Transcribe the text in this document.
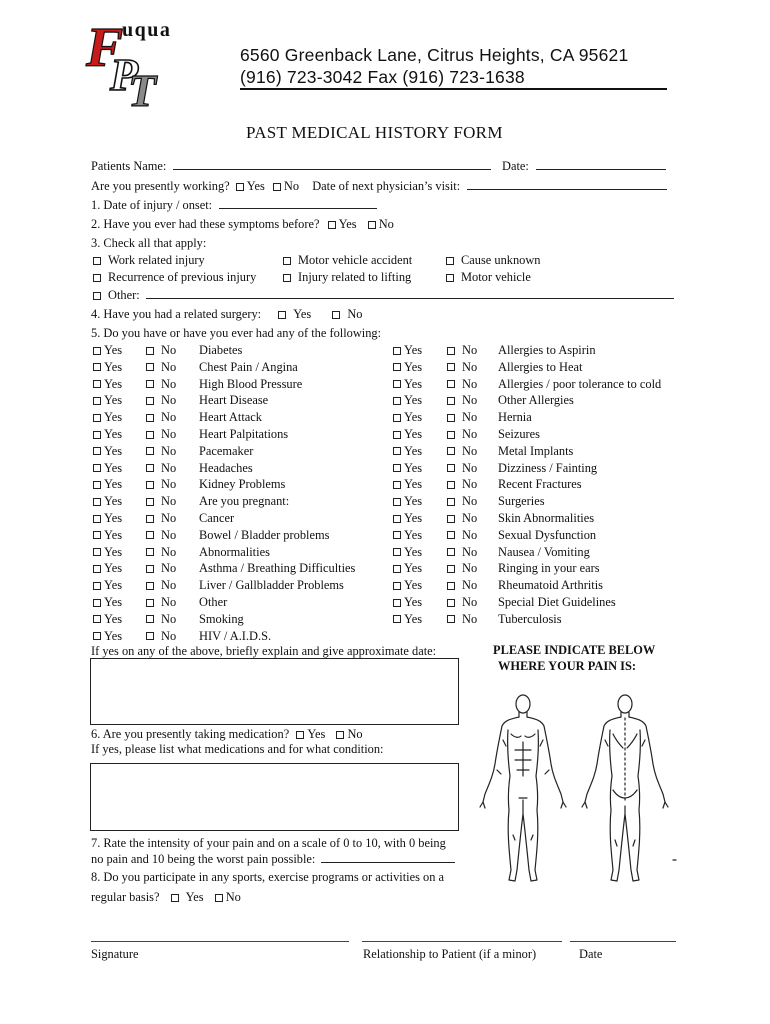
F
P
T
uqua
6560 Greenback Lane, Citrus Heights, CA 95621
(916) 723-3042 Fax (916) 723-1638
PAST MEDICAL HISTORY FORM
Patients Name:	Date:
Are you presently working? Yes No Date of next physician’s visit:
1. Date of injury / onset:
2. Have you ever had these symptoms before? Yes No
3. Check all that apply:
Work related injury	Motor vehicle accident	Cause unknown
Recurrence of previous injury	Injury related to lifting	Motor vehicle
Other:
4. Have you had a related surgery:	Yes	No
5. Do you have or have you ever had any of the following:
Yes	No Diabetes
Yes	No Chest Pain / Angina
Yes	No High Blood Pressure
Yes	No Heart Disease
Yes	No Heart Attack
Yes	No Heart Palpitations
Yes	No Pacemaker
Yes	No Headaches
Yes	No Kidney Problems
Yes	No Are you pregnant:
Yes	No Cancer
Yes	No Bowel / Bladder problems
Yes	No Abnormalities
Yes	No Asthma / Breathing Difficulties
Yes	No Liver / Gallbladder Problems
Yes	No Other
Yes	No Smoking
Yes	No HIV / A.I.D.S.
Yes	No Allergies to Aspirin
Yes	No Allergies to Heat
Yes	No Allergies / poor tolerance to cold
Yes	No Other Allergies
Yes	No Hernia
Yes	No Seizures
Yes	No Metal Implants
Yes	No Dizziness / Fainting
Yes	No Recent Fractures
Yes	No Surgeries
Yes	No Skin Abnormalities
Yes	No Sexual Dysfunction
Yes	No Nausea / Vomiting
Yes	No Ringing in your ears
Yes	No Rheumatoid Arthritis
Yes	No Special Diet Guidelines
Yes	No Tuberculosis
If yes on any of the above, briefly explain and give approximate date:	PLEASE INDICATE BELOW
WHERE YOUR PAIN IS:
6. Are you presently taking medication? Yes No
If yes, please list what medications and for what condition:
7. Rate the intensity of your pain and on a scale of 0 to 10, with 0 being
no pain and 10 being the worst pain possible:
8. Do you participate in any sports, exercise programs or activities on a
regular basis? Yes No
Signature	Relationship to Patient (if a minor)	Date
